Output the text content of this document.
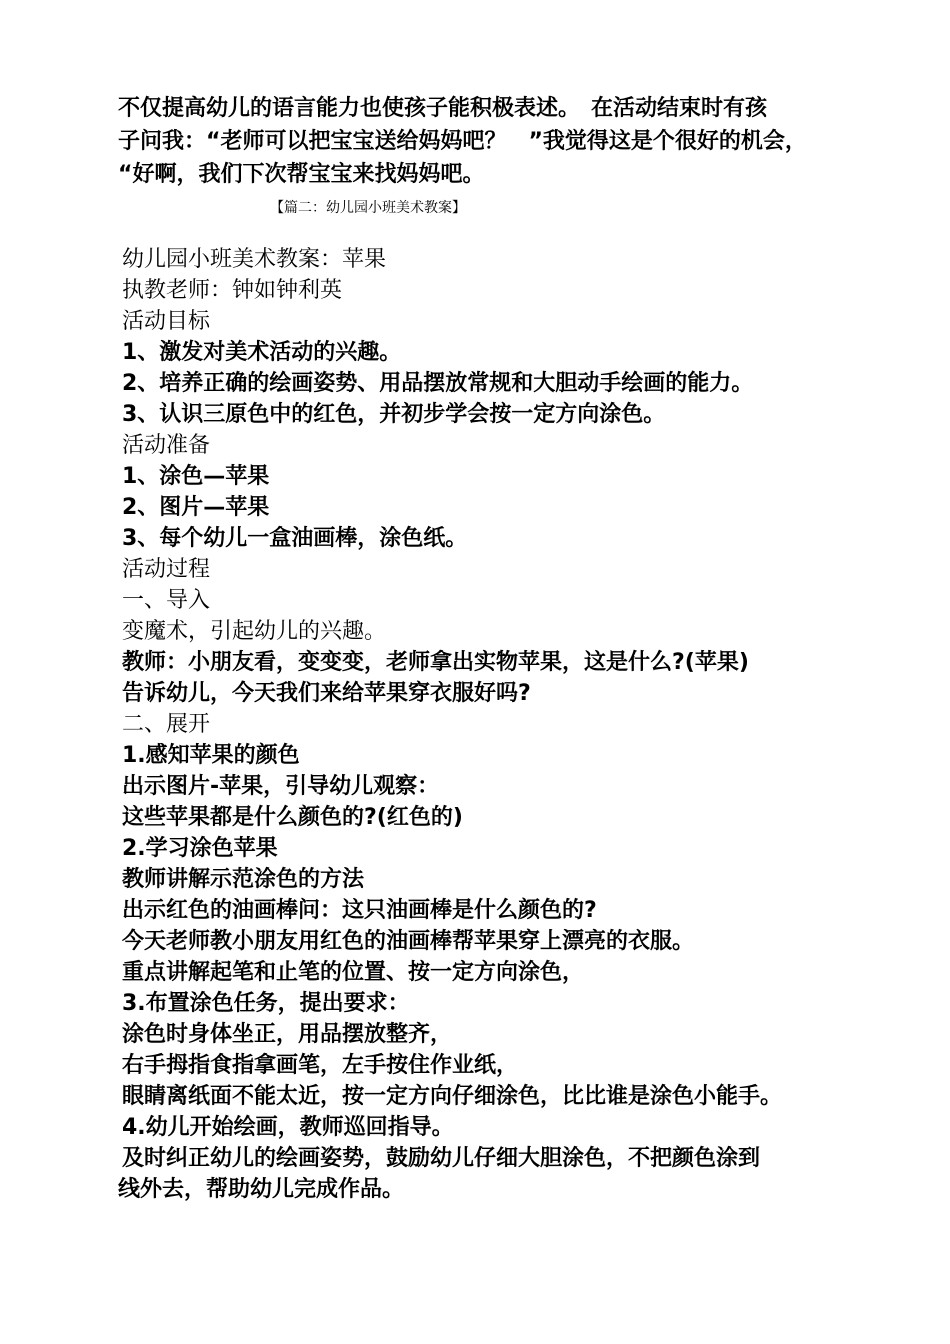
不仅提高幼儿的语言能力也使孩子能积极表述。　在活动结束时有孩
子问我：“老师可以把宝宝送给妈妈吧？　”我觉得这是个很好的机会，
“好啊，我们下次帮宝宝来找妈妈吧。
【篇二：幼儿园小班美术教案】
幼儿园小班美术教案：苹果
执教老师：钟如钟利英
活动目标
1、激发对美术活动的兴趣。
2、培养正确的绘画姿势、用品摆放常规和大胆动手绘画的能力。
3、认识三原色中的红色，并初步学会按一定方向涂色。
活动准备
1、涂色—苹果
2、图片—苹果
3、每个幼儿一盒油画棒，涂色纸。
活动过程
一、导入
变魔术，引起幼儿的兴趣。
教师：小朋友看，变变变，老师拿出实物苹果，这是什么?(苹果)
告诉幼儿，今天我们来给苹果穿衣服好吗?
二、展开
1.感知苹果的颜色
出示图片-苹果，引导幼儿观察：
这些苹果都是什么颜色的?(红色的)
2.学习涂色苹果
教师讲解示范涂色的方法
出示红色的油画棒问：这只油画棒是什么颜色的?
今天老师教小朋友用红色的油画棒帮苹果穿上漂亮的衣服。
重点讲解起笔和止笔的位置、按一定方向涂色，
3.布置涂色任务，提出要求：
涂色时身体坐正，用品摆放整齐，
右手拇指食指拿画笔，左手按住作业纸，
眼睛离纸面不能太近，按一定方向仔细涂色，比比谁是涂色小能手。
4.幼儿开始绘画，教师巡回指导。
及时纠正幼儿的绘画姿势，鼓励幼儿仔细大胆涂色，不把颜色涂到
线外去，帮助幼儿完成作品。
